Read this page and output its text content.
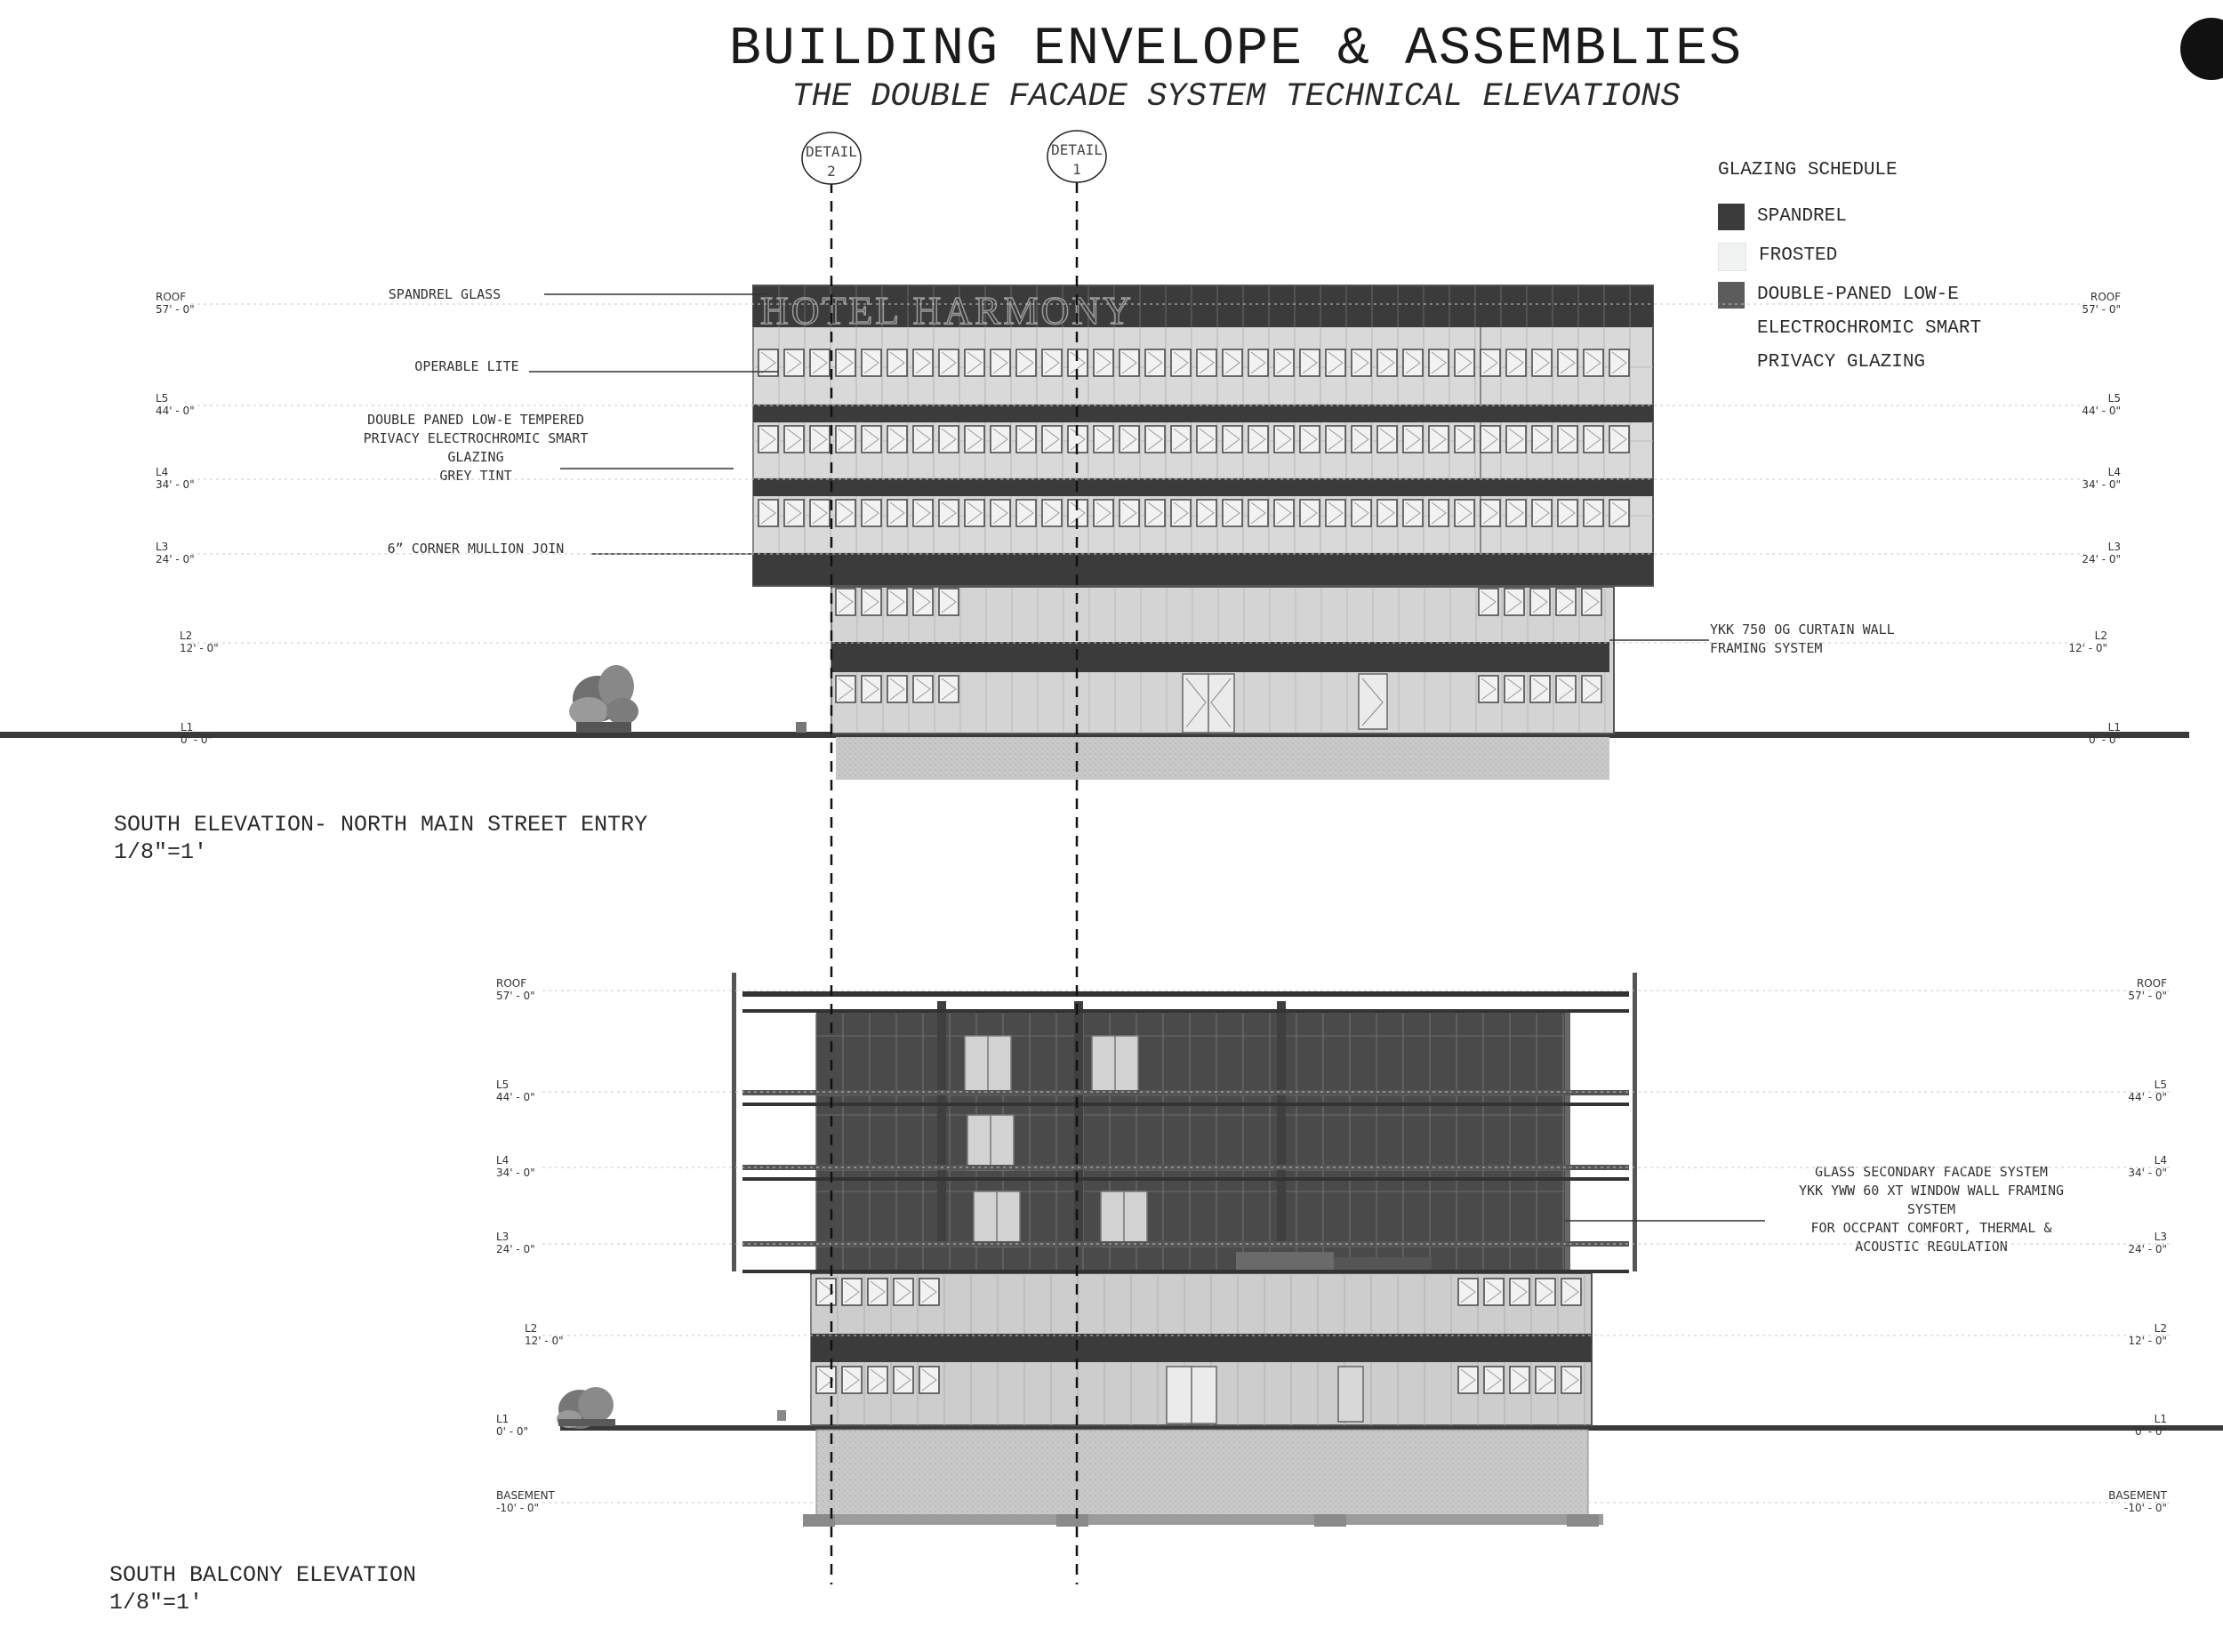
BUILDING ENVELOPE & ASSEMBLIES
THE DOUBLE FACADE SYSTEM TECHNICAL ELEVATIONS
GLAZING SCHEDULE
SPANDREL
FROSTED
DOUBLE-PANED LOW-E
ELECTROCHROMIC SMART
PRIVACY GLAZING
SOUTH ELEVATION- NORTH MAIN STREET ENTRY
1/8"=1'
SOUTH BALCONY ELEVATION
1/8"=1'
HOTEL HARMONY
SPANDREL GLASS
OPERABLE LITE
DOUBLE PANED LOW-E TEMPERED
PRIVACY ELECTROCHROMIC SMART
GLAZING
GREY TINT
6” CORNER MULLION JOIN
YKK 750 OG CURTAIN WALL
FRAMING SYSTEM
GLASS SECONDARY FACADE SYSTEM
YKK YWW 60 XT WINDOW WALL FRAMING
SYSTEM
FOR OCCPANT COMFORT, THERMAL &
ACOUSTIC REGULATION
ROOF
57' - 0"
ROOF
57' - 0"
L5
44' - 0"
L5
44' - 0"
L4
34' - 0"
L4
34' - 0"
L3
24' - 0"
L3
24' - 0"
L2
12' - 0"
L2
12' - 0"
L1
0' - 0"
L1
0' - 0"
ROOF
57' - 0"
ROOF
57' - 0"
L5
44' - 0"
L5
44' - 0"
L4
34' - 0"
L4
34' - 0"
L3
24' - 0"
L3
24' - 0"
L2
12' - 0"
L2
12' - 0"
L1
0' - 0"
L1
0' - 0"
BASEMENT
-10' - 0"
BASEMENT
-10' - 0"
DETAIL
2
DETAIL
1
